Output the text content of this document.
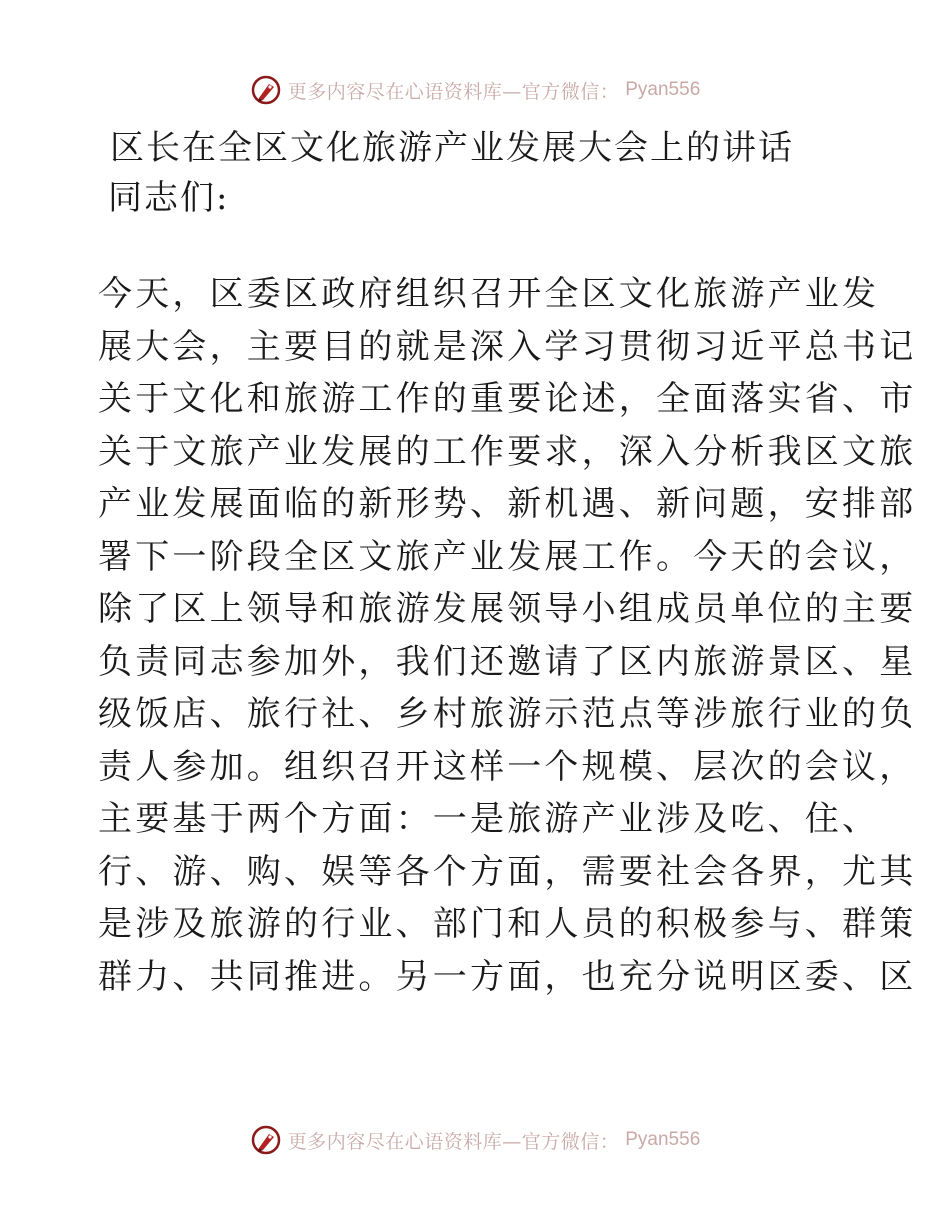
更多内容尽在心语资料库—官方微信： Pyan556
区长在全区文化旅游产业发展大会上的讲话
同志们:
今天，区委区政府组织召开全区文化旅游产业发
展大会，主要目的就是深入学习贯彻习近平总书记
关于文化和旅游工作的重要论述，全面落实省、市
关于文旅产业发展的工作要求，深入分析我区文旅
产业发展面临的新形势、新机遇、新问题，安排部
署下一阶段全区文旅产业发展工作。今天的会议，
除了区上领导和旅游发展领导小组成员单位的主要
负责同志参加外，我们还邀请了区内旅游景区、星
级饭店、旅行社、乡村旅游示范点等涉旅行业的负
责人参加。组织召开这样一个规模、层次的会议，
主要基于两个方面：一是旅游产业涉及吃、住、
行、游、购、娱等各个方面，需要社会各界，尤其
是涉及旅游的行业、部门和人员的积极参与、群策
群力、共同推进。另一方面，也充分说明区委、区
更多内容尽在心语资料库—官方微信： Pyan556
